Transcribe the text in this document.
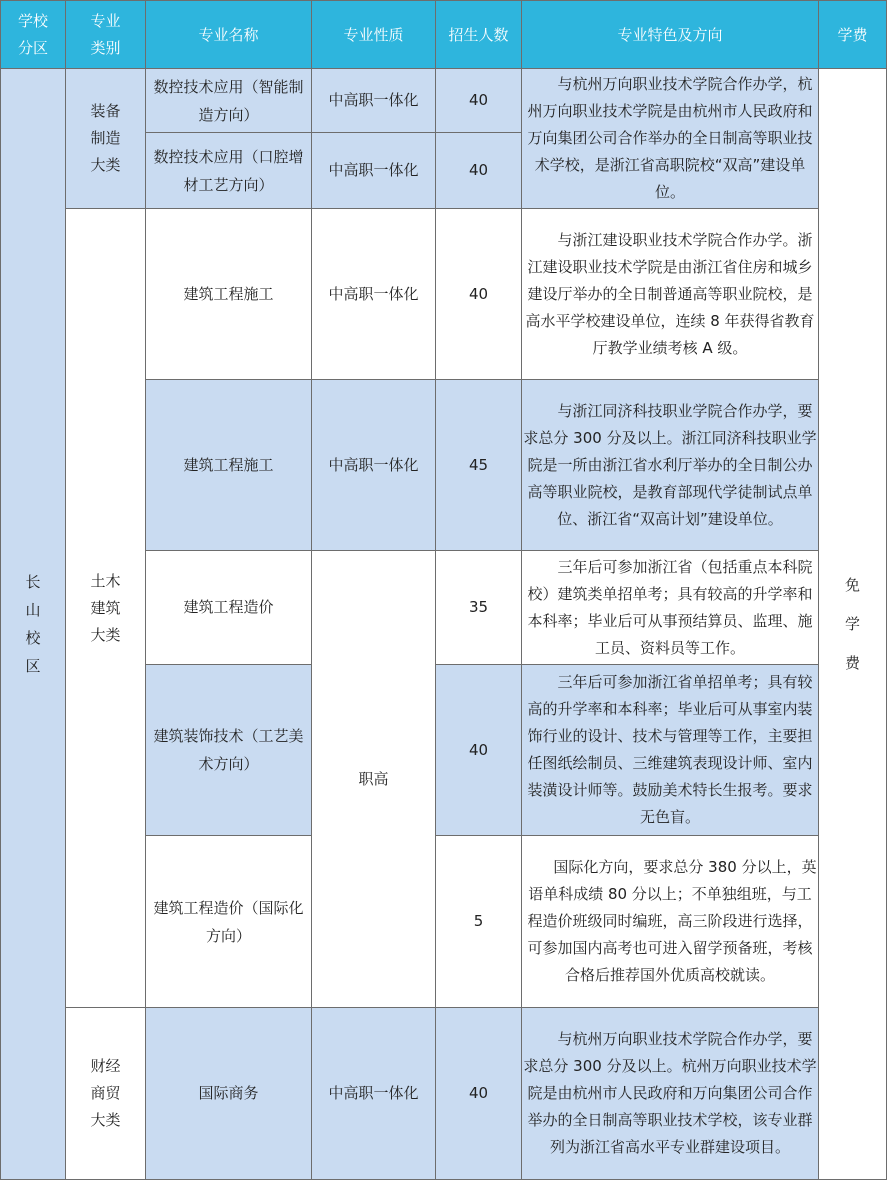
学校分区	专业类别	专业名称	专业性质	招生人数	专业特色及方向	学费
长山校区	装备制造大类	数控技术应用（智能制造方向）	中高职一体化	40	与杭州万向职业技术学院合作办学，杭州万向职业技术学院是由杭州市人民政府和万向集团公司合作举办的全日制高等职业技术学校，是浙江省高职院校“双高”建设单位。	免学费
		数控技术应用（口腔增材工艺方向）	中高职一体化	40		
	土木建筑大类	建筑工程施工	中高职一体化	40	与浙江建设职业技术学院合作办学。浙江建设职业技术学院是由浙江省住房和城乡建设厅举办的全日制普通高等职业院校，是高水平学校建设单位，连续 8 年获得省教育厅教学业绩考核 A 级。	

		建筑工程施工	中高职一体化	45	与浙江同济科技职业学院合作办学，要求总分 300 分及以上。浙江同济科技职业学院是一所由浙江省水利厅举办的全日制公办高等职业院校，是教育部现代学徒制试点单位、浙江省“双高计划”建设单位。	

		建筑工程造价	职高	35	三年后可参加浙江省（包括重点本科院校）建筑类单招单考；具有较高的升学率和本科率；毕业后可从事预结算员、监理、施工员、资料员等工作。	

		建筑装饰技术（工艺美术方向）		40	三年后可参加浙江省单招单考；具有较高的升学率和本科率；毕业后可从事室内装饰行业的设计、技术与管理等工作，主要担任图纸绘制员、三维建筑表现设计师、室内装潢设计师等。鼓励美术特长生报考。要求无色盲。	

		建筑工程造价（国际化方向）		5	国际化方向，要求总分 380 分以上，英语单科成绩 80 分以上；不单独组班，与工程造价班级同时编班，高三阶段进行选择，可参加国内高考也可进入留学预备班，考核合格后推荐国外优质高校就读。	

	财经商贸大类	国际商务	中高职一体化	40	与杭州万向职业技术学院合作办学，要求总分 300 分及以上。杭州万向职业技术学院是由杭州市人民政府和万向集团公司合作举办的全日制高等职业技术学校，该专业群列为浙江省高水平专业群建设项目。	
